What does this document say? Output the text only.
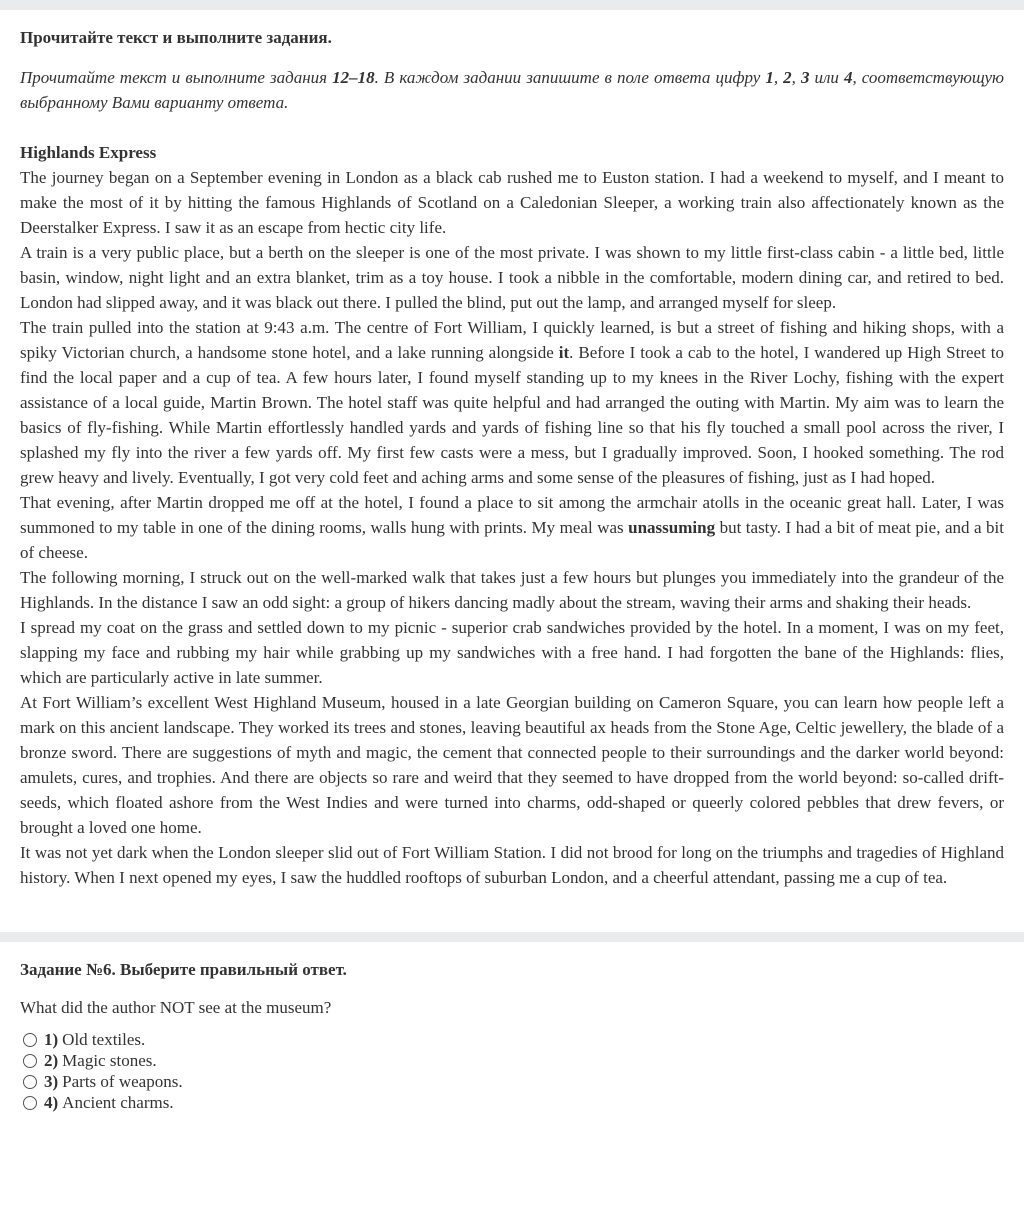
Прочитайте текст и выполните задания.

Прочитайте текст и выполните задания 12–18. В каждом задании запишите в поле ответа цифру 1, 2, 3 или 4, соответствующую выбранному Вами варианту ответа.

Highlands Express

The journey began on a September evening in London as a black cab rushed me to Euston station. I had a weekend to myself, and I meant to make the most of it by hitting the famous Highlands of Scotland on a Caledonian Sleeper, a working train also affectionately known as the Deerstalker Express. I saw it as an escape from hectic city life.

A train is a very public place, but a berth on the sleeper is one of the most private. I was shown to my little first-class cabin - a little bed, little basin, window, night light and an extra blanket, trim as a toy house. I took a nibble in the comfortable, modern dining car, and retired to bed. London had slipped away, and it was black out there. I pulled the blind, put out the lamp, and arranged myself for sleep.

The train pulled into the station at 9:43 a.m. The centre of Fort William, I quickly learned, is but a street of fishing and hiking shops, with a spiky Victorian church, a handsome stone hotel, and a lake running alongside it. Before I took a cab to the hotel, I wandered up High Street to find the local paper and a cup of tea. A few hours later, I found myself standing up to my knees in the River Lochy, fishing with the expert assistance of a local guide, Martin Brown. The hotel staff was quite helpful and had arranged the outing with Martin. My aim was to learn the basics of fly-fishing. While Martin effortlessly handled yards and yards of fishing line so that his fly touched a small pool across the river, I splashed my fly into the river a few yards off. My first few casts were a mess, but I gradually improved. Soon, I hooked something. The rod grew heavy and lively. Eventually, I got very cold feet and aching arms and some sense of the pleasures of fishing, just as I had hoped.

That evening, after Martin dropped me off at the hotel, I found a place to sit among the armchair atolls in the oceanic great hall. Later, I was summoned to my table in one of the dining rooms, walls hung with prints. My meal was unassuming but tasty. I had a bit of meat pie, and a bit of cheese.

The following morning, I struck out on the well-marked walk that takes just a few hours but plunges you immediately into the grandeur of the Highlands. In the distance I saw an odd sight: a group of hikers dancing madly about the stream, waving their arms and shaking their heads.

I spread my coat on the grass and settled down to my picnic - superior crab sandwiches provided by the hotel. In a moment, I was on my feet, slapping my face and rubbing my hair while grabbing up my sandwiches with a free hand. I had forgotten the bane of the Highlands: flies, which are particularly active in late summer.

At Fort William’s excellent West Highland Museum, housed in a late Georgian building on Cameron Square, you can learn how people left a mark on this ancient landscape. They worked its trees and stones, leaving beautiful ax heads from the Stone Age, Celtic jewellery, the blade of a bronze sword. There are suggestions of myth and magic, the cement that connected people to their surroundings and the darker world beyond: amulets, cures, and trophies. And there are objects so rare and weird that they seemed to have dropped from the world beyond: so-called drift-seeds, which floated ashore from the West Indies and were turned into charms, odd-shaped or queerly colored pebbles that drew fevers, or brought a loved one home.

It was not yet dark when the London sleeper slid out of Fort William Station. I did not brood for long on the triumphs and tragedies of Highland history. When I next opened my eyes, I saw the huddled rooftops of suburban London, and a cheerful attendant, passing me a cup of tea.

Задание №6. Выберите правильный ответ.

What did the author NOT see at the museum?

1) Old textiles.
2) Magic stones.
3) Parts of weapons.
4) Ancient charms.
